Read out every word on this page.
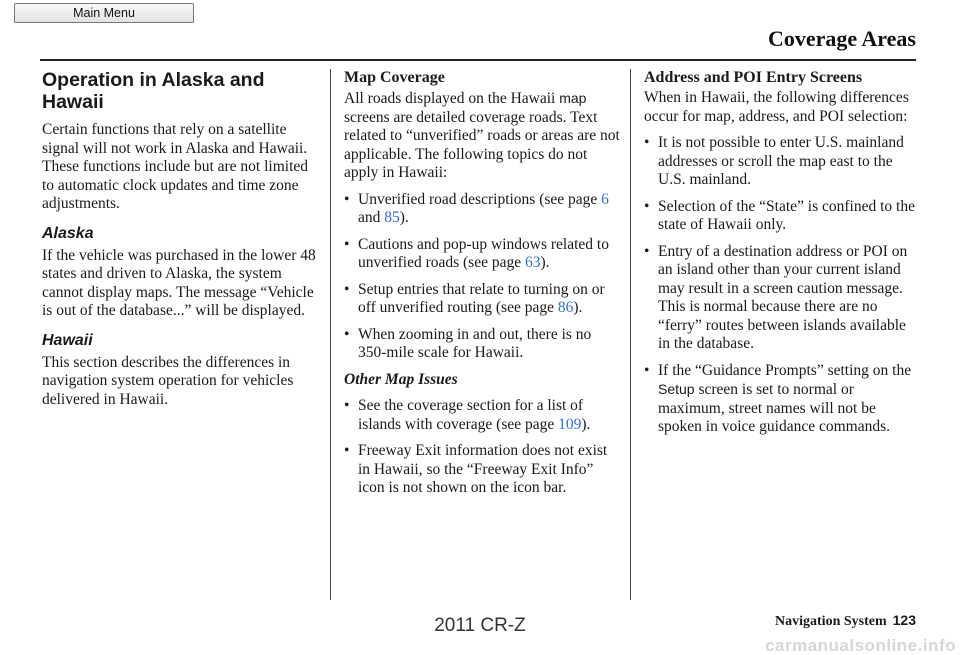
Main Menu
Coverage Areas
Operation in Alaska and
Hawaii

Certain functions that rely on a satellite signal will not work in Alaska and Hawaii. These functions include but are not limited to automatic clock updates and time zone adjustments.

Alaska

If the vehicle was purchased in the lower 48 states and driven to Alaska, the system cannot display maps. The message “Vehicle is out of the database...” will be displayed.

Hawaii

This section describes the differences in navigation system operation for vehicles delivered in Hawaii.

Map Coverage

All roads displayed on the Hawaii map screens are detailed coverage roads. Text related to “unverified” roads or areas are not applicable. The following topics do not apply in Hawaii:

• Unverified road descriptions (see page 6 and 85).
• Cautions and pop-up windows related to unverified roads (see page 63).
• Setup entries that relate to turning on or off unverified routing (see page 86).
• When zooming in and out, there is no 350-mile scale for Hawaii.
Other Map Issues
• See the coverage section for a list of islands with coverage (see page 109).
• Freeway Exit information does not exist in Hawaii, so the “Freeway Exit Info” icon is not shown on the icon bar.
Address and POI Entry Screens

When in Hawaii, the following differences occur for map, address, and POI selection:

• It is not possible to enter U.S. mainland addresses or scroll the map east to the U.S. mainland.
• Selection of the “State” is confined to the state of Hawaii only.
• Entry of a destination address or POI on an island other than your current island may result in a screen caution message. This is normal because there are no “ferry” routes between islands available in the database.
• If the “Guidance Prompts” setting on the Setup screen is set to normal or maximum, street names will not be spoken in voice guidance commands.
2011 CR-Z	Navigation System 123
carmanualsonline.info
